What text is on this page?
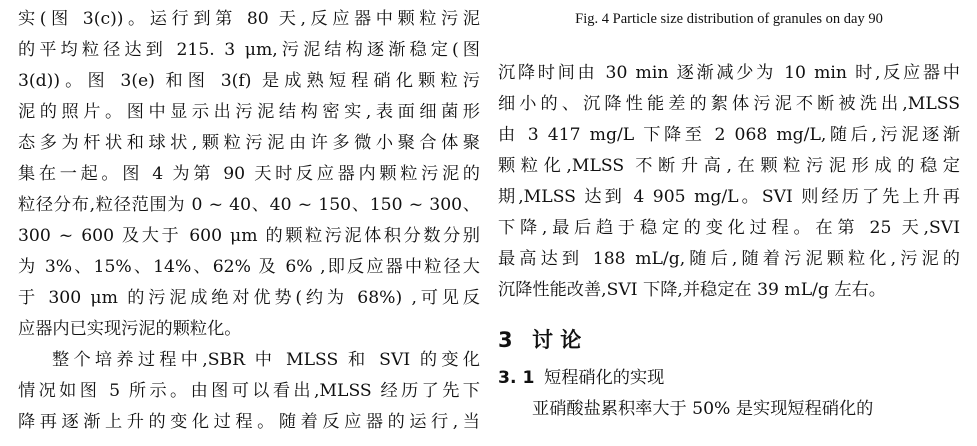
实(图 3(c))。运行到第 80 天,反应器中颗粒污泥
的平均粒径达到 215. 3 μm,污泥结构逐渐稳定(图
3(d))。图 3(e) 和图 3(f) 是成熟短程硝化颗粒污
泥的照片。图中显示出污泥结构密实,表面细菌形
态多为杆状和球状,颗粒污泥由许多微小聚合体聚
集在一起。图 4 为第 90 天时反应器内颗粒污泥的
粒径分布,粒径范围为 0 ~ 40、40 ~ 150、150 ~ 300、
300 ~ 600 及大于 600 μm 的颗粒污泥体积分数分别
为 3%、15%、14%、62% 及 6% ,即反应器中粒径大
于 300 μm 的污泥成绝对优势(约为 68%) ,可见反
应器内已实现污泥的颗粒化。
整个培养过程中,SBR 中 MLSS 和 SVI 的变化
情况如图 5 所示。由图可以看出,MLSS 经历了先下
降再逐渐上升的变化过程。随着反应器的运行,当
Fig. 4 Particle size distribution of granules on day 90
沉降时间由 30 min 逐渐减少为 10 min 时,反应器中
细小的、沉降性能差的絮体污泥不断被洗出,MLSS
由 3 417 mg/L 下降至 2 068 mg/L,随后,污泥逐渐
颗粒化,MLSS 不断升高,在颗粒污泥形成的稳定
期,MLSS 达到 4 905 mg/L。SVI 则经历了先上升再
下降,最后趋于稳定的变化过程。在第 25 天,SVI
最高达到 188 mL/g,随后,随着污泥颗粒化,污泥的
沉降性能改善,SVI 下降,并稳定在 39 mL/g 左右。
3 讨 论
3. 1 短程硝化的实现
亚硝酸盐累积率大于 50% 是实现短程硝化的
